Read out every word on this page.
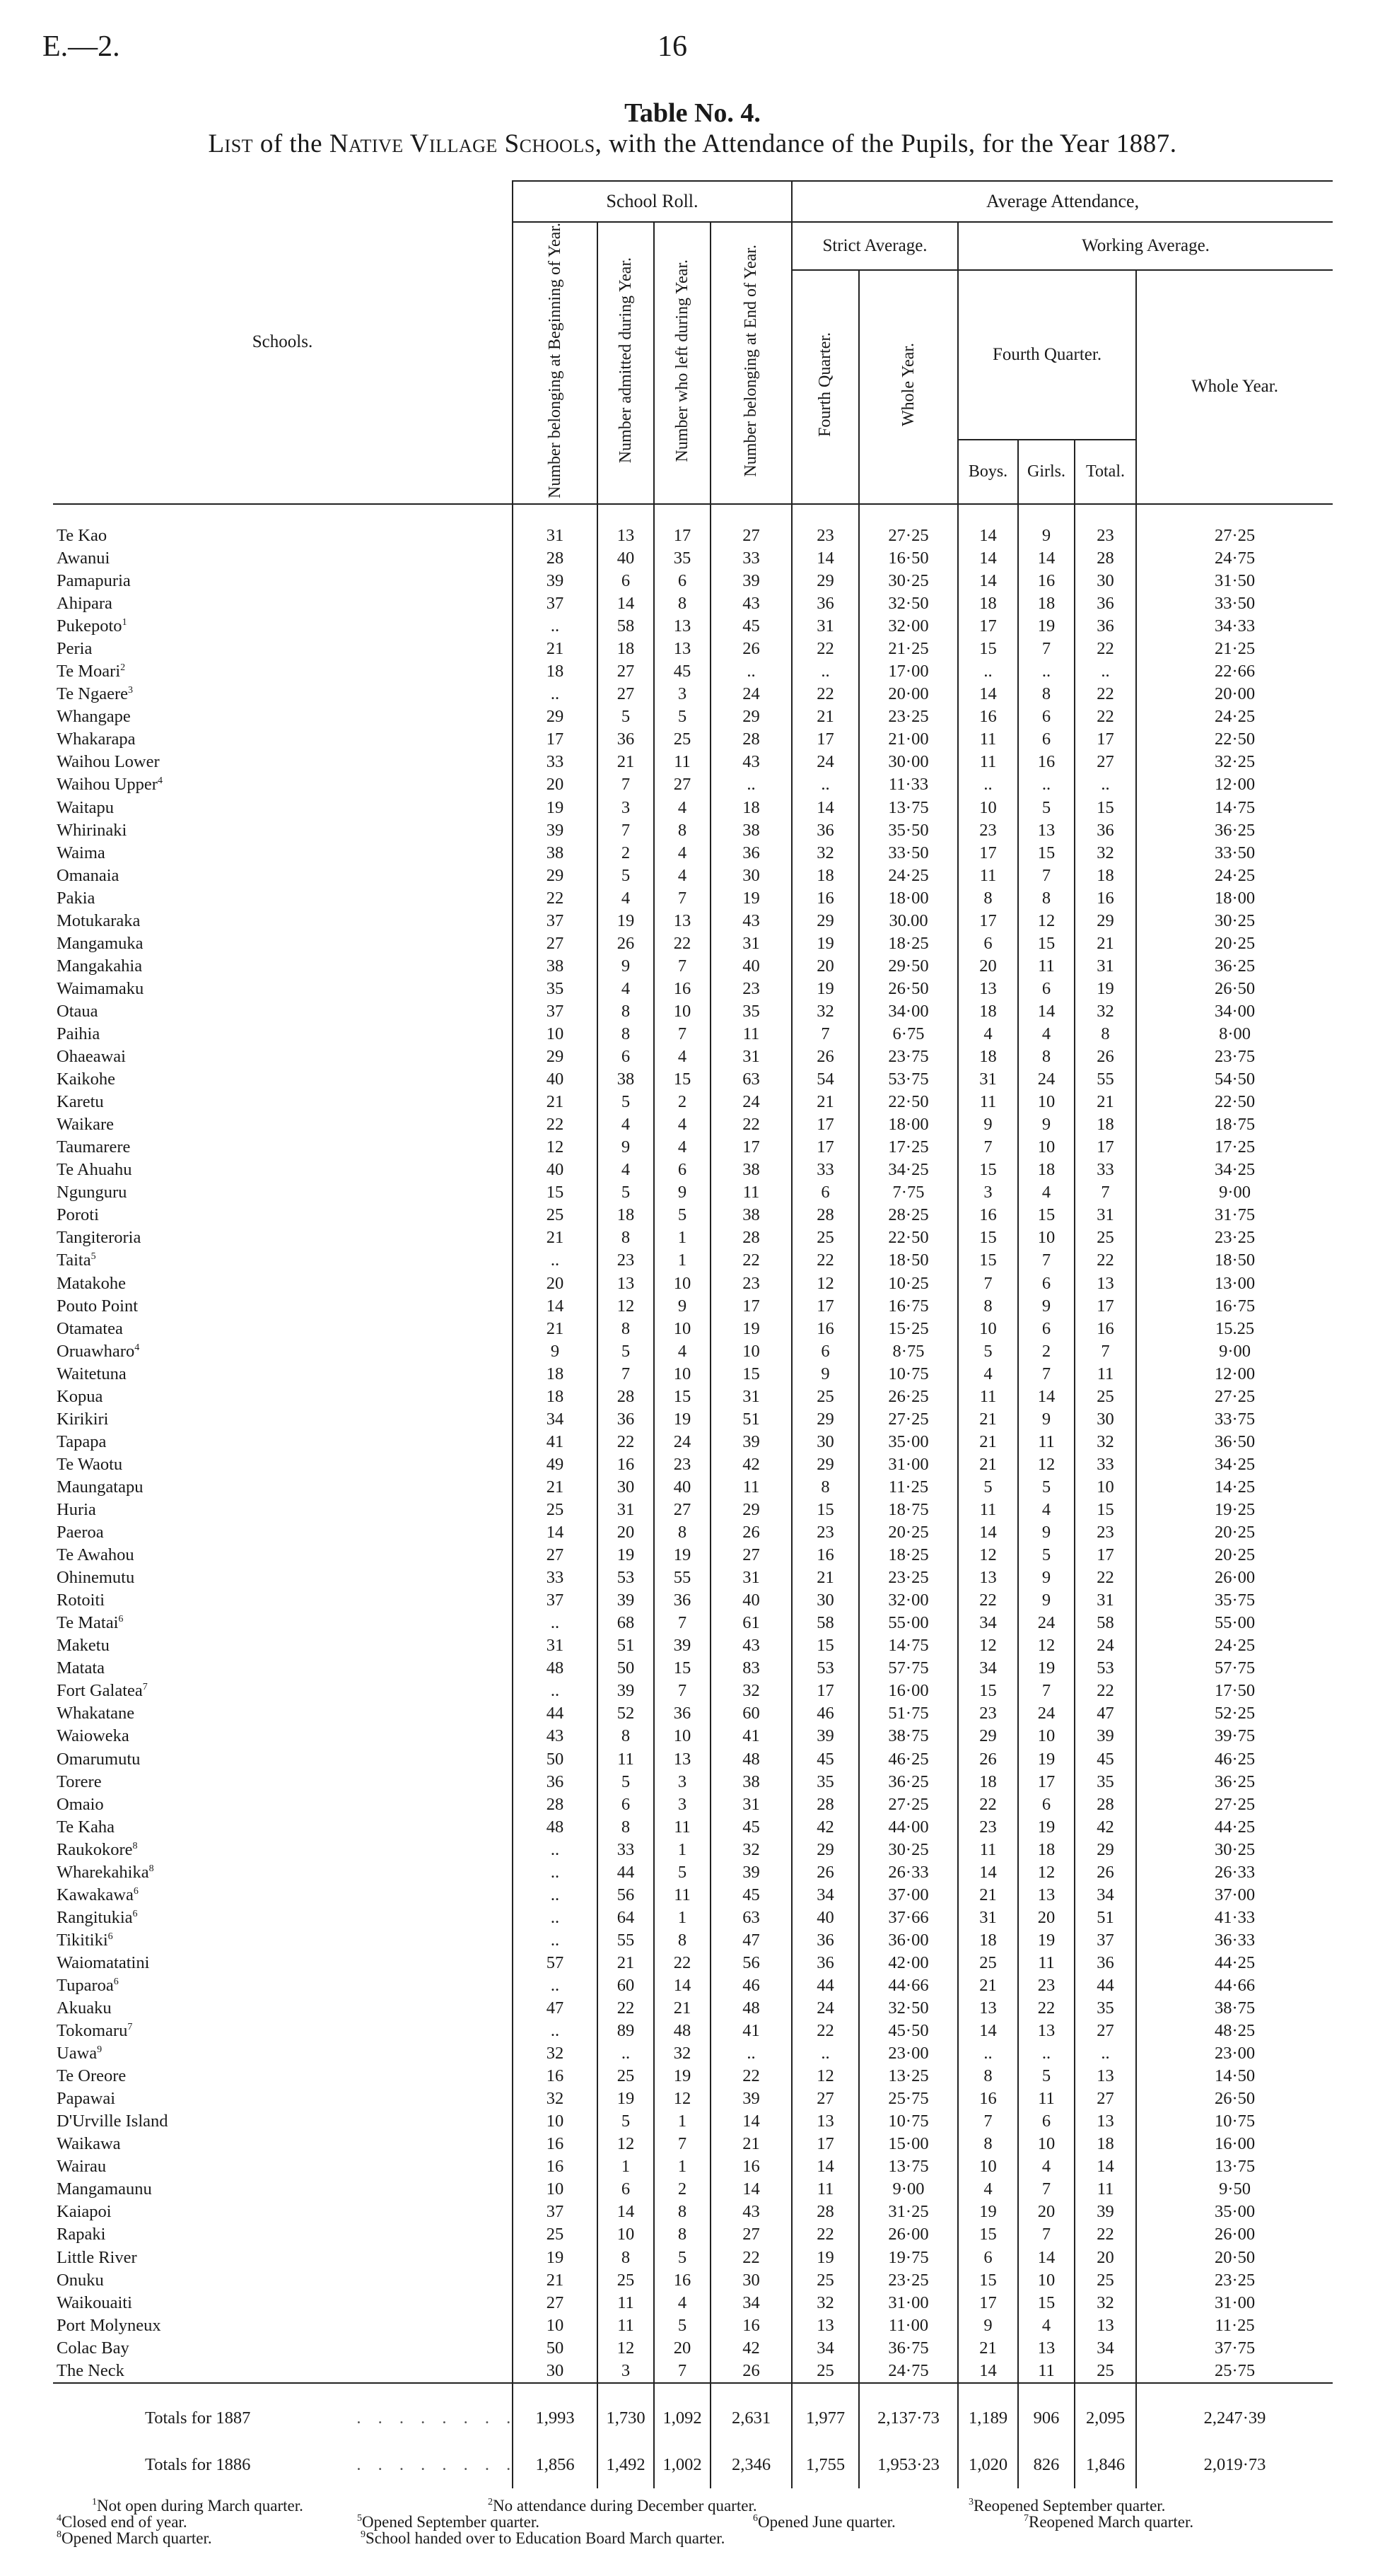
E.—2.	16
Table No. 4.
List of the Native Village Schools, with the Attendance of the Pupils, for the Year 1887.
Schools.	School Roll.				Average Attendance,					
	Number belonging at Beginning of Year.	Number admitted during Year.	Number who left during Year.	Number belonging at End of Year.	Strict Average.		Working Average.			
					Fourth Quarter.	Whole Year.	Fourth Quarter.			Whole Year.
							Boys.	Girls.	Total.	
Te Kao	31	13	17	27	23	27·25	14	9	23	27·25
Awanui	28	40	35	33	14	16·50	14	14	28	24·75
Pamapuria	39	6	6	39	29	30·25	14	16	30	31·50
Ahipara	37	14	8	43	36	32·50	18	18	36	33·50
Pukepoto$^1$	..	58	13	45	31	32·00	17	19	36	34·33
Peria	21	18	13	26	22	21·25	15	7	22	21·25
Te Moari$^2$	18	27	45	..	..	17·00	..	..	..	22·66
Te Ngaere$^3$	..	27	3	24	22	20·00	14	8	22	20·00
Whangape	29	5	5	29	21	23·25	16	6	22	24·25
Whakarapa	17	36	25	28	17	21·00	11	6	17	22·50
Waihou Lower	33	21	11	43	24	30·00	11	16	27	32·25
Waihou Upper$^4$	20	7	27	..	..	11·33	..	..	..	12·00
Waitapu	19	3	4	18	14	13·75	10	5	15	14·75
Whirinaki	39	7	8	38	36	35·50	23	13	36	36·25
Waima	38	2	4	36	32	33·50	17	15	32	33·50
Omanaia	29	5	4	30	18	24·25	11	7	18	24·25
Pakia	22	4	7	19	16	18·00	8	8	16	18·00
Motukaraka	37	19	13	43	29	30.00	17	12	29	30·25
Mangamuka	27	26	22	31	19	18·25	6	15	21	20·25
Mangakahia	38	9	7	40	20	29·50	20	11	31	36·25
Waimamaku	35	4	16	23	19	26·50	13	6	19	26·50
Otaua	37	8	10	35	32	34·00	18	14	32	34·00
Paihia	10	8	7	11	7	6·75	4	4	8	8·00
Ohaeawai	29	6	4	31	26	23·75	18	8	26	23·75
Kaikohe	40	38	15	63	54	53·75	31	24	55	54·50
Karetu	21	5	2	24	21	22·50	11	10	21	22·50
Waikare	22	4	4	22	17	18·00	9	9	18	18·75
Taumarere	12	9	4	17	17	17·25	7	10	17	17·25
Te Ahuahu	40	4	6	38	33	34·25	15	18	33	34·25
Ngunguru	15	5	9	11	6	7·75	3	4	7	9·00
Poroti	25	18	5	38	28	28·25	16	15	31	31·75
Tangiteroria	21	8	1	28	25	22·50	15	10	25	23·25
Taita$^5$	..	23	1	22	22	18·50	15	7	22	18·50
Matakohe	20	13	10	23	12	10·25	7	6	13	13·00
Pouto Point	14	12	9	17	17	16·75	8	9	17	16·75
Otamatea	21	8	10	19	16	15·25	10	6	16	15.25
Oruawharo$^4$	9	5	4	10	6	8·75	5	2	7	9·00
Waitetuna	18	7	10	15	9	10·75	4	7	11	12·00
Kopua	18	28	15	31	25	26·25	11	14	25	27·25
Kirikiri	34	36	19	51	29	27·25	21	9	30	33·75
Tapapa	41	22	24	39	30	35·00	21	11	32	36·50
Te Waotu	49	16	23	42	29	31·00	21	12	33	34·25
Maungatapu	21	30	40	11	8	11·25	5	5	10	14·25
Huria	25	31	27	29	15	18·75	11	4	15	19·25
Paeroa	14	20	8	26	23	20·25	14	9	23	20·25
Te Awahou	27	19	19	27	16	18·25	12	5	17	20·25
Ohinemutu	33	53	55	31	21	23·25	13	9	22	26·00
Rotoiti	37	39	36	40	30	32·00	22	9	31	35·75
Te Matai$^6$	..	68	7	61	58	55·00	34	24	58	55·00
Maketu	31	51	39	43	15	14·75	12	12	24	24·25
Matata	48	50	15	83	53	57·75	34	19	53	57·75
Fort Galatea$^7$	..	39	7	32	17	16·00	15	7	22	17·50
Whakatane	44	52	36	60	46	51·75	23	24	47	52·25
Waioweka	43	8	10	41	39	38·75	29	10	39	39·75
Omarumutu	50	11	13	48	45	46·25	26	19	45	46·25
Torere	36	5	3	38	35	36·25	18	17	35	36·25
Omaio	28	6	3	31	28	27·25	22	6	28	27·25
Te Kaha	48	8	11	45	42	44·00	23	19	42	44·25
Raukokore$^8$	..	33	1	32	29	30·25	11	18	29	30·25
Wharekahika$^8$	..	44	5	39	26	26·33	14	12	26	26·33
Kawakawa$^6$	..	56	11	45	34	37·00	21	13	34	37·00
Rangitukia$^6$	..	64	1	63	40	37·66	31	20	51	41·33
Tikitiki$^6$	..	55	8	47	36	36·00	18	19	37	36·33
Waiomatatini	57	21	22	56	36	42·00	25	11	36	44·25
Tuparoa$^6$	..	60	14	46	44	44·66	21	23	44	44·66
Akuaku	47	22	21	48	24	32·50	13	22	35	38·75
Tokomaru$^7$	..	89	48	41	22	45·50	14	13	27	48·25
Uawa$^9$	32	..	32	..	..	23·00	..	..	..	23·00
Te Oreore	16	25	19	22	12	13·25	8	5	13	14·50
Papawai	32	19	12	39	27	25·75	16	11	27	26·50
D'Urville Island	10	5	1	14	13	10·75	7	6	13	10·75
Waikawa	16	12	7	21	17	15·00	8	10	18	16·00
Wairau	16	1	1	16	14	13·75	10	4	14	13·75
Mangamaunu	10	6	2	14	11	9·00	4	7	11	9·50
Kaiapoi	37	14	8	43	28	31·25	19	20	39	35·00
Rapaki	25	10	8	27	22	26·00	15	7	22	26·00
Little River	19	8	5	22	19	19·75	6	14	20	20·50
Onuku	21	25	16	30	25	23·25	15	10	25	23·25
Waikouaiti	27	11	4	34	32	31·00	17	15	32	31·00
Port Molyneux	10	11	5	16	13	11·00	9	4	13	11·25
Colac Bay	50	12	20	42	34	36·75	21	13	34	37·75
The Neck	30	3	7	26	25	24·75	14	11	25	25·75
Totals for 1887 . . . . . . . .	1,993	1,730	1,092	2,631	1,977	2,137·73	1,189	906	2,095	2,247·39
Totals for 1886 . . . . . . . .	1,856	1,492	1,002	2,346	1,755	1,953·23	1,020	826	1,846	2,019·73
$^1$Not open during March quarter.	$^2$No attendance during December quarter.	$^3$Reopened September quarter.
$^4$Closed end of year.	$^5$Opened September quarter.	$^6$Opened June quarter.	$^7$Reopened March quarter.
$^8$Opened March quarter.	$^9$School handed over to Education Board March quarter.
